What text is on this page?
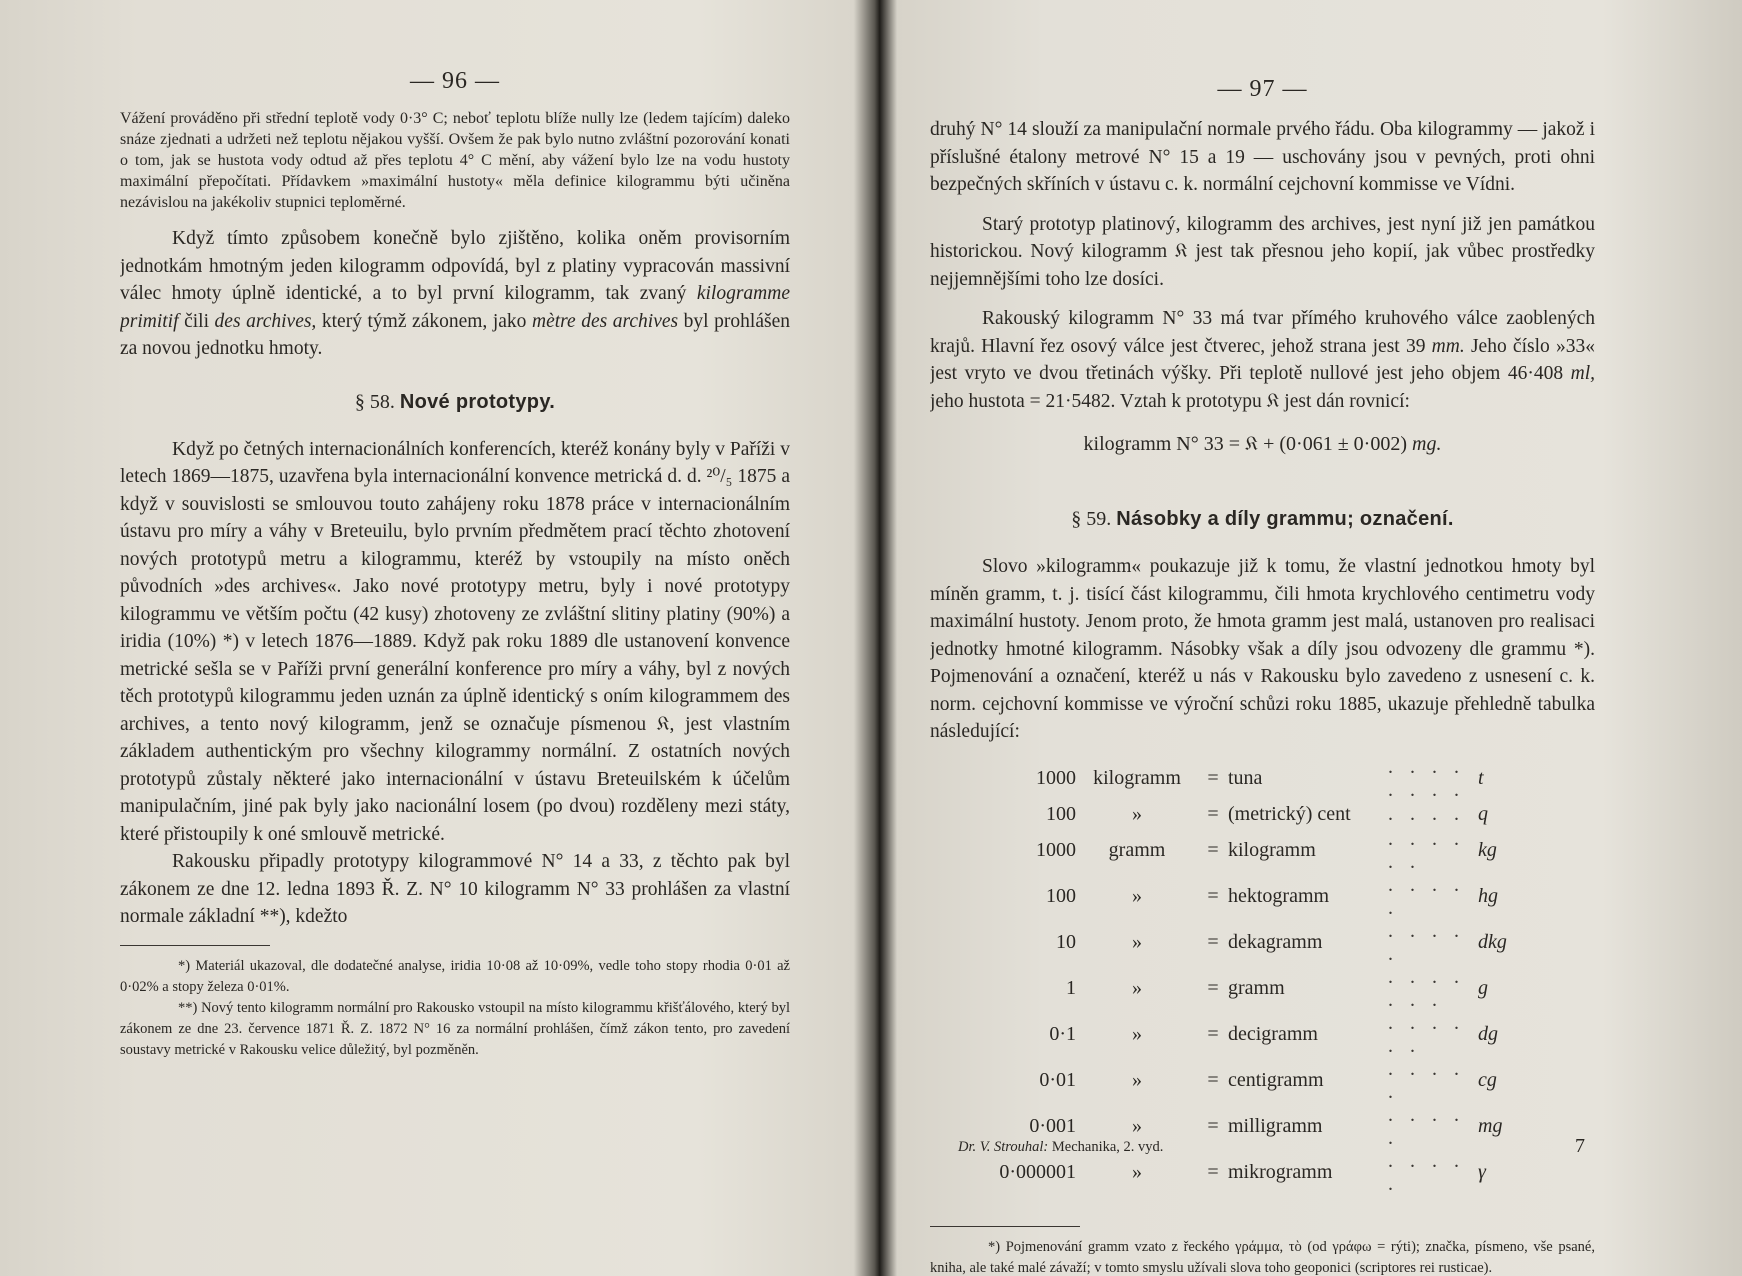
— 96 —

Vážení prováděno při střední teplotě vody 0·3° C; neboť teplotu blíže nully lze (ledem tajícím) daleko snáze zjednati a udržeti než teplotu nějakou vyšší. Ovšem že pak bylo nutno zvláštní pozorování konati o tom, jak se hustota vody odtud až přes teplotu 4° C mění, aby vážení bylo lze na vodu hustoty maximální přepočítati. Přídavkem »maximální hustoty« měla definice kilogrammu býti učiněna nezávislou na jakékoliv stupnici teploměrné.

Když tímto způsobem konečně bylo zjištěno, kolika oněm provisorním jednotkám hmotným jeden kilogramm odpovídá, byl z platiny vypracován massivní válec hmoty úplně identické, a to byl první kilogramm, tak zvaný kilogramme primitif čili des archives, který týmž zákonem, jako mètre des archives byl prohlášen za novou jednotku hmoty.

§ 58. Nové prototypy.

Když po četných internacionálních konferencích, kteréž konány byly v Paříži v letech 1869—1875, uzavřena byla internacionální konvence metrická d. d. ²⁰/₅ 1875 a když v souvislosti se smlouvou touto zahájeny roku 1878 práce v internacionálním ústavu pro míry a váhy v Breteuilu, bylo prvním předmětem prací těchto zhotovení nových prototypů metru a kilogrammu, kteréž by vstoupily na místo oněch původních »des archives«. Jako nové prototypy metru, byly i nové prototypy kilogrammu ve větším počtu (42 kusy) zhotoveny ze zvláštní slitiny platiny (90%) a iridia (10%) *) v letech 1876—1889. Když pak roku 1889 dle ustanovení konvence metrické sešla se v Paříži první generální konference pro míry a váhy, byl z nových těch prototypů kilogrammu jeden uznán za úplně identický s oním kilogrammem des archives, a tento nový kilogramm, jenž se označuje písmenou 𝔎, jest vlastním základem authentickým pro všechny kilogrammy normální. Z ostatních nových prototypů zůstaly některé jako internacionální v ústavu Breteuilském k účelům manipulačním, jiné pak byly jako nacionální losem (po dvou) rozděleny mezi státy, které přistoupily k oné smlouvě metrické.

Rakousku připadly prototypy kilogrammové N° 14 a 33, z těchto pak byl zákonem ze dne 12. ledna 1893 Ř. Z. N° 10 kilogramm N° 33 prohlášen za vlastní normale základní **), kdežto

*) Materiál ukazoval, dle dodatečné analyse, iridia 10·08 až 10·09%, vedle toho stopy rhodia 0·01 až 0·02% a stopy železa 0·01%.

**) Nový tento kilogramm normální pro Rakousko vstoupil na místo kilogrammu křišťálového, který byl zákonem ze dne 23. července 1871 Ř. Z. 1872 N° 16 za normální prohlášen, čímž zákon tento, pro zavedení soustavy metrické v Rakousku velice důležitý, byl pozměněn.

— 97 —

druhý N° 14 slouží za manipulační normale prvého řádu. Oba kilogrammy — jakož i příslušné étalony metrové N° 15 a 19 — uschovány jsou v pevných, proti ohni bezpečných skříních v ústavu c. k. normální cejchovní kommisse ve Vídni.

Starý prototyp platinový, kilogramm des archives, jest nyní již jen památkou historickou. Nový kilogramm 𝔎 jest tak přesnou jeho kopií, jak vůbec prostředky nejjemnějšími toho lze dosíci.

Rakouský kilogramm N° 33 má tvar přímého kruhového válce zaoblených krajů. Hlavní řez osový válce jest čtverec, jehož strana jest 39 mm. Jeho číslo »33« jest vryto ve dvou třetinách výšky. Při teplotě nullové jest jeho objem 46·408 ml, jeho hustota = 21·5482. Vztah k prototypu 𝔎 jest dán rovnicí:

kilogramm N° 33 = 𝔎 + (0·061 ± 0·002) mg.
§ 59. Násobky a díly grammu; označení.

Slovo »kilogramm« poukazuje již k tomu, že vlastní jednotkou hmoty byl míněn gramm, t. j. tisící část kilogrammu, čili hmota krychlového centimetru vody maximální hustoty. Jenom proto, že hmota gramm jest malá, ustanoven pro realisaci jednotky hmotné kilogramm. Násobky však a díly jsou odvozeny dle grammu *). Pojmenování a označení, kteréž u nás v Rakousku bylo zavedeno z usnesení c. k. norm. cejchovní kommisse ve výroční schůzi roku 1885, ukazuje přehledně tabulka následující:

1000	kilogramm	=	tuna	. . . . . . . .	t
100	»	=	(metrický) cent	. . . .	q
1000	gramm	=	kilogramm	. . . . . .	kg
100	»	=	hektogramm	. . . . .	hg
10	»	=	dekagramm	. . . . .	dkg
1	»	=	gramm	. . . . . . .	g
0·1	»	=	decigramm	. . . . . .	dg
0·01	»	=	centigramm	. . . . .	cg
0·001	»	=	milligramm	. . . . .	mg
0·000001	»	=	mikrogramm	. . . . .	γ

*) Pojmenování gramm vzato z řeckého γράμμα, τὸ (od γράφω = rýti); značka, písmeno, vše psané, kniha, ale také malé závaží; v tomto smyslu užívali slova toho geoponici (scriptores rei rusticae).

Dr. V. Strouhal: Mechanika, 2. vyd.	7
